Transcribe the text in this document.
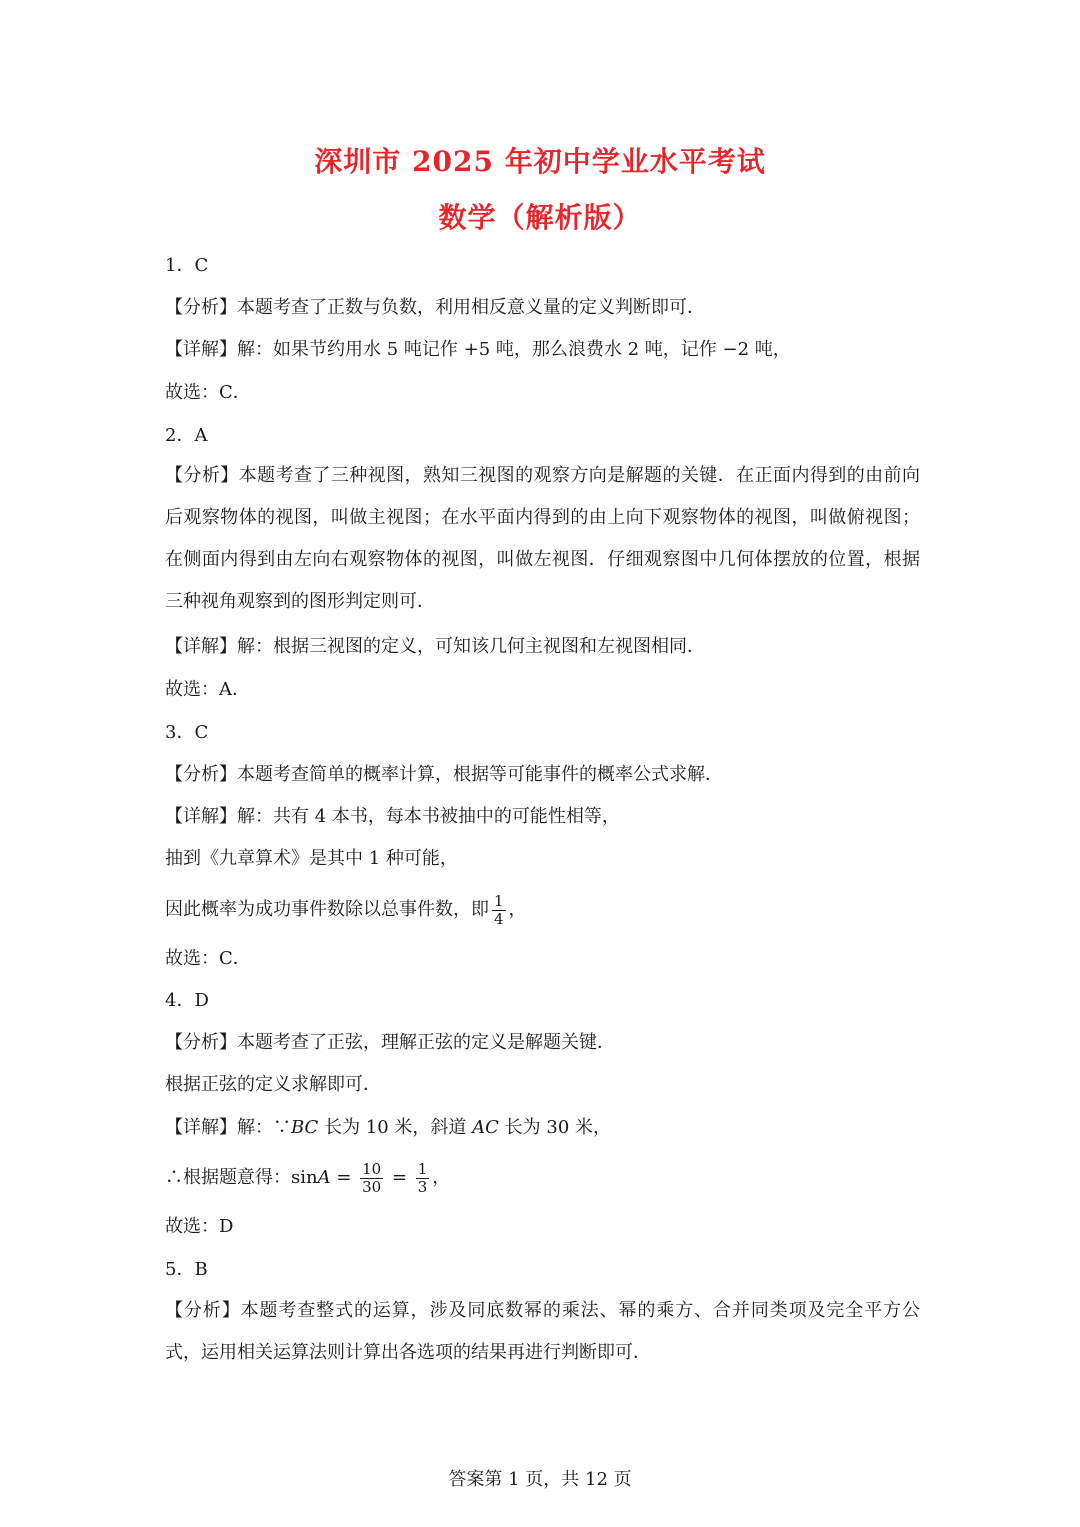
深圳市 2025 年初中学业水平考试
数学（解析版）
1．C
【分析】本题考查了正数与负数，利用相反意义量的定义判断即可．
【详解】解：如果节约用水 5 吨记作 +5 吨，那么浪费水 2 吨，记作 −2 吨，
故选：C．
2．A
【分析】本题考查了三种视图，熟知三视图的观察方向是解题的关键．在正面内得到的由前向后观察物体的视图，叫做主视图；在水平面内得到的由上向下观察物体的视图，叫做俯视图；在侧面内得到由左向右观察物体的视图，叫做左视图．仔细观察图中几何体摆放的位置，根据三种视角观察到的图形判定则可．
【详解】解：根据三视图的定义，可知该几何主视图和左视图相同．
故选：A．
3．C
【分析】本题考查简单的概率计算，根据等可能事件的概率公式求解．
【详解】解：共有 4 本书，每本书被抽中的可能性相等，
抽到《九章算术》是其中 1 种可能，
因此概率为成功事件数除以总事件数，即 $\frac{1}{4}$ ，
故选：C．
4．D
【分析】本题考查了正弦，理解正弦的定义是解题关键．
根据正弦的定义求解即可．
【详解】解：∵BC 长为 10 米，斜道 AC 长为 30 米，
∴根据题意得：$\sin A = \frac{10}{30} = \frac{1}{3}$ ，
故选：D
5．B
【分析】本题考查整式的运算，涉及同底数幂的乘法、幂的乘方、合并同类项及完全平方公式，运用相关运算法则计算出各选项的结果再进行判断即可．
答案第 1 页，共 12 页
